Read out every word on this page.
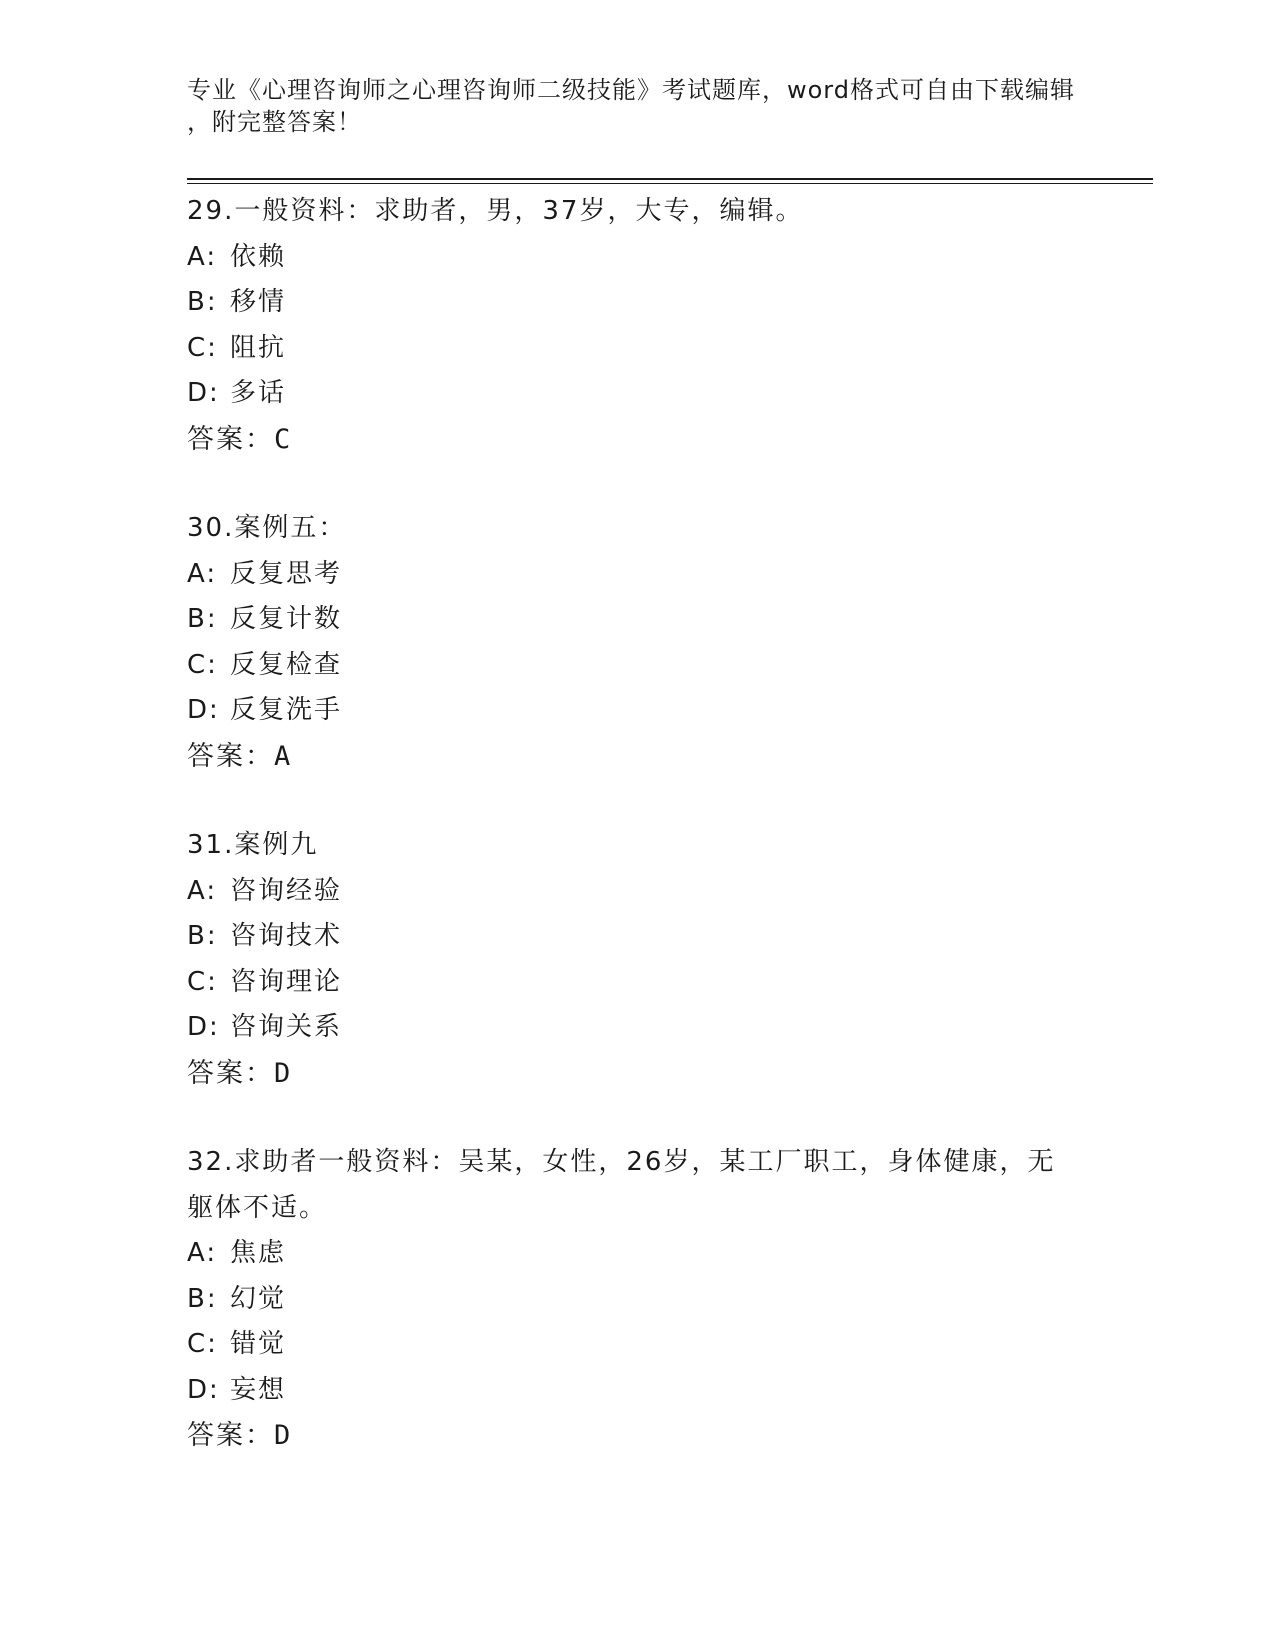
专业《心理咨询师之心理咨询师二级技能》考试题库，word格式可自由下载编辑

，附完整答案！

29. 一般资料：求助者，男，37岁，大专，编辑。
A: 依赖
B: 移情
C: 阻抗
D: 多话
答案：C
30. 案例五：
A: 反复思考
B: 反复计数
C: 反复检查
D: 反复洗手
答案：A
31. 案例九
A: 咨询经验
B: 咨询技术
C: 咨询理论
D: 咨询关系
答案：D
32.求助者一般资料：吴某，女性，26岁，某工厂职工，身体健康，无躯体不适。
A: 焦虑
B: 幻觉
C: 错觉
D: 妄想
答案：D
